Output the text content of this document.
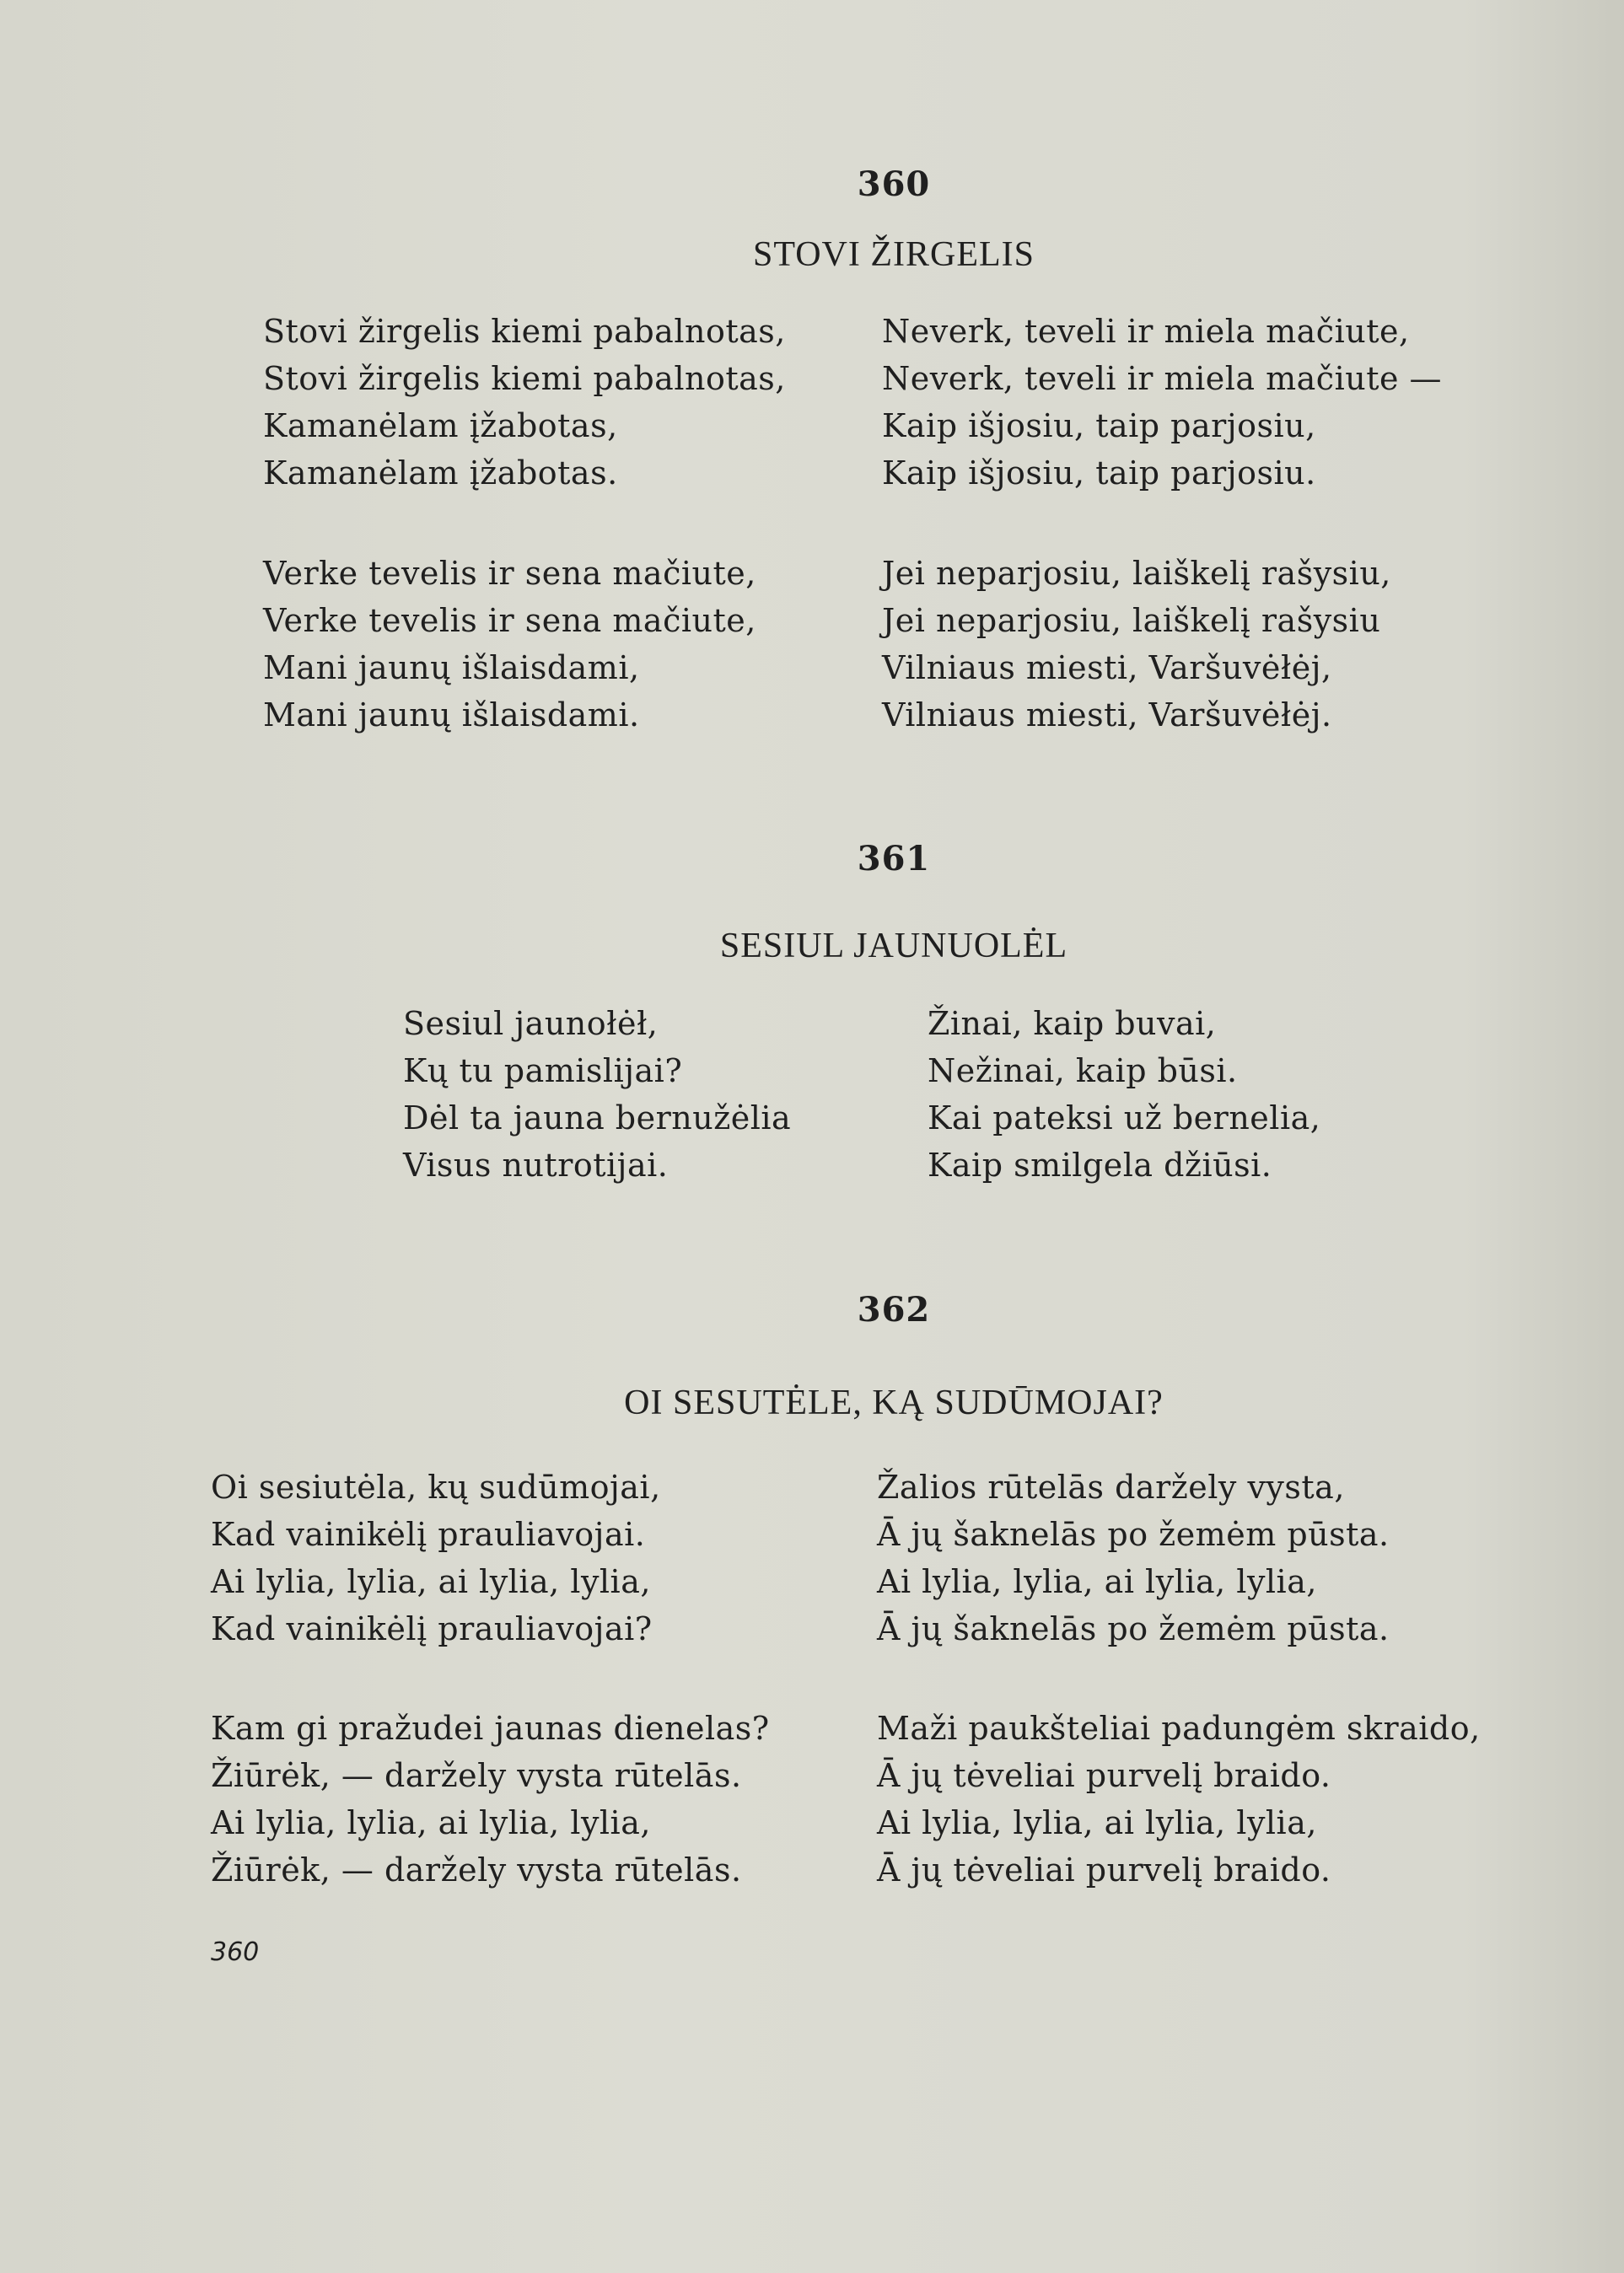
360
STOVI ŽIRGELIS
Stovi žirgelis kiemi pabalnotas,
Stovi žirgelis kiemi pabalnotas,
Kamanėlam įžabotas,
Kamanėlam įžabotas.
Neverk, teveli ir miela mačiute,
Neverk, teveli ir miela mačiute —
Kaip išjosiu, taip parjosiu,
Kaip išjosiu, taip parjosiu.
Verke tevelis ir sena mačiute,
Verke tevelis ir sena mačiute,
Mani jaunų išlaisdami,
Mani jaunų išlaisdami.
Jei neparjosiu, laiškelį rašysiu,
Jei neparjosiu, laiškelį rašysiu
Vilniaus miesti, Varšuvėłėj,
Vilniaus miesti, Varšuvėłėj.
361
SESIUL JAUNUOLĖL
Sesiul jaunołėł,
Kų tu pamislijai?
Dėl ta jauna bernužėlia
Visus nutrotijai.
Žinai, kaip buvai,
Nežinai, kaip būsi.
Kai pateksi už bernelia,
Kaip smilgela džiūsi.
362
OI SESUTĖLE, KĄ SUDŪMOJAI?
Oi sesiutėla, kų sudūmojai,
Kad vainikėlį prauliavojai.
Ai lylia, lylia, ai lylia, lylia,
Kad vainikėlį prauliavojai?
Žalios rūtelās daržely vysta,
Ā jų šaknelās po žemėm pūsta.
Ai lylia, lylia, ai lylia, lylia,
Ā jų šaknelās po žemėm pūsta.
Kam gi pražudei jaunas dienelas?
Žiūrėk, — daržely vysta rūtelās.
Ai lylia, lylia, ai lylia, lylia,
Žiūrėk, — daržely vysta rūtelās.
Maži paukšteliai padungėm skraido,
Ā jų tėveliai purvelį braido.
Ai lylia, lylia, ai lylia, lylia,
Ā jų tėveliai purvelį braido.
360
